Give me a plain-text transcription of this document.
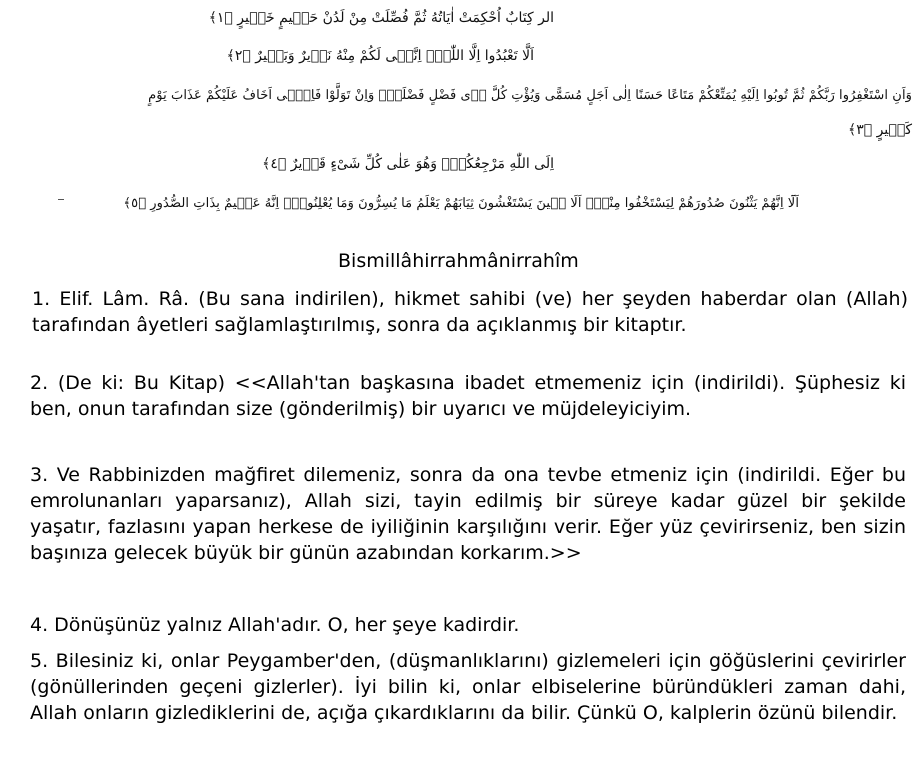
الر كِتَابٌ اُحْكِمَتْ اٰيَاتُهُ ثُمَّ فُصِّلَتْ مِنْ لَدُنْ حَكٖيمٍ خَبٖيرٍ ﴿١﴾
اَلَّا تَعْبُدُوا اِلَّا اللّٰهَۜ اِنَّنٖى لَكُمْ مِنْهُ نَذٖيرٌ وَبَشٖيرٌ ﴿٢﴾
وَاَنِ اسْتَغْفِرُوا رَبَّكُمْ ثُمَّ تُوبُوا اِلَيْهِ يُمَتِّعْكُمْ مَتَاعًا حَسَنًا اِلٰى اَجَلٍ مُسَمًّى وَيُؤْتِ كُلَّ ذٖى فَضْلٍ فَضْلَهُۜ وَاِنْ تَوَلَّوْا فَاِنّٖى اَخَافُ عَلَيْكُمْ عَذَابَ يَوْمٍ
كَبٖيرٍ ﴿٣﴾
اِلَى اللّٰهِ مَرْجِعُكُمْۚ وَهُوَ عَلٰى كُلِّ شَیْءٍ قَدٖيرٌ ﴿٤﴾
اَلَٓا اِنَّهُمْ يَثْنُونَ صُدُورَهُمْ لِيَسْتَخْفُوا مِنْهُۜ اَلَا حٖينَ يَسْتَغْشُونَ ثِيَابَهُمْ يَعْلَمُ مَا يُسِرُّونَ وَمَا يُعْلِنُونَۚ اِنَّهُ عَلٖيمٌ بِذَاتِ الصُّدُورِ ﴿٥﴾
Bismillâhirrahmânirrahîm
1. Elif. Lâm. Râ. (Bu sana indirilen), hikmet sahibi (ve) her şeyden haberdar olan (Allah) tarafından âyetleri sağlamlaştırılmış, sonra da açıklanmış bir kitaptır.
2. (De ki: Bu Kitap) <<Allah'tan başkasına ibadet etmemeniz için (indirildi). Şüphesiz ki ben, onun tarafından size (gönderilmiş) bir uyarıcı ve müjdeleyiciyim.
3. Ve Rabbinizden mağfiret dilemeniz, sonra da ona tevbe etmeniz için (indirildi. Eğer bu emrolunanları yaparsanız), Allah sizi, tayin edilmiş bir süreye kadar güzel bir şekilde yaşatır, fazlasını yapan herkese de iyiliğinin karşılığını verir. Eğer yüz çevirirseniz, ben sizin başınıza gelecek büyük bir günün azabından korkarım.>>
4. Dönüşünüz yalnız Allah'adır. O, her şeye kadirdir.
5. Bilesiniz ki, onlar Peygamber'den, (düşmanlıklarını) gizlemeleri için göğüslerini çevirirler (gönüllerinden geçeni gizlerler). İyi bilin ki, onlar elbiselerine büründükleri zaman dahi, Allah onların gizlediklerini de, açığa çıkardıklarını da bilir. Çünkü O, kalplerin özünü bilendir.
